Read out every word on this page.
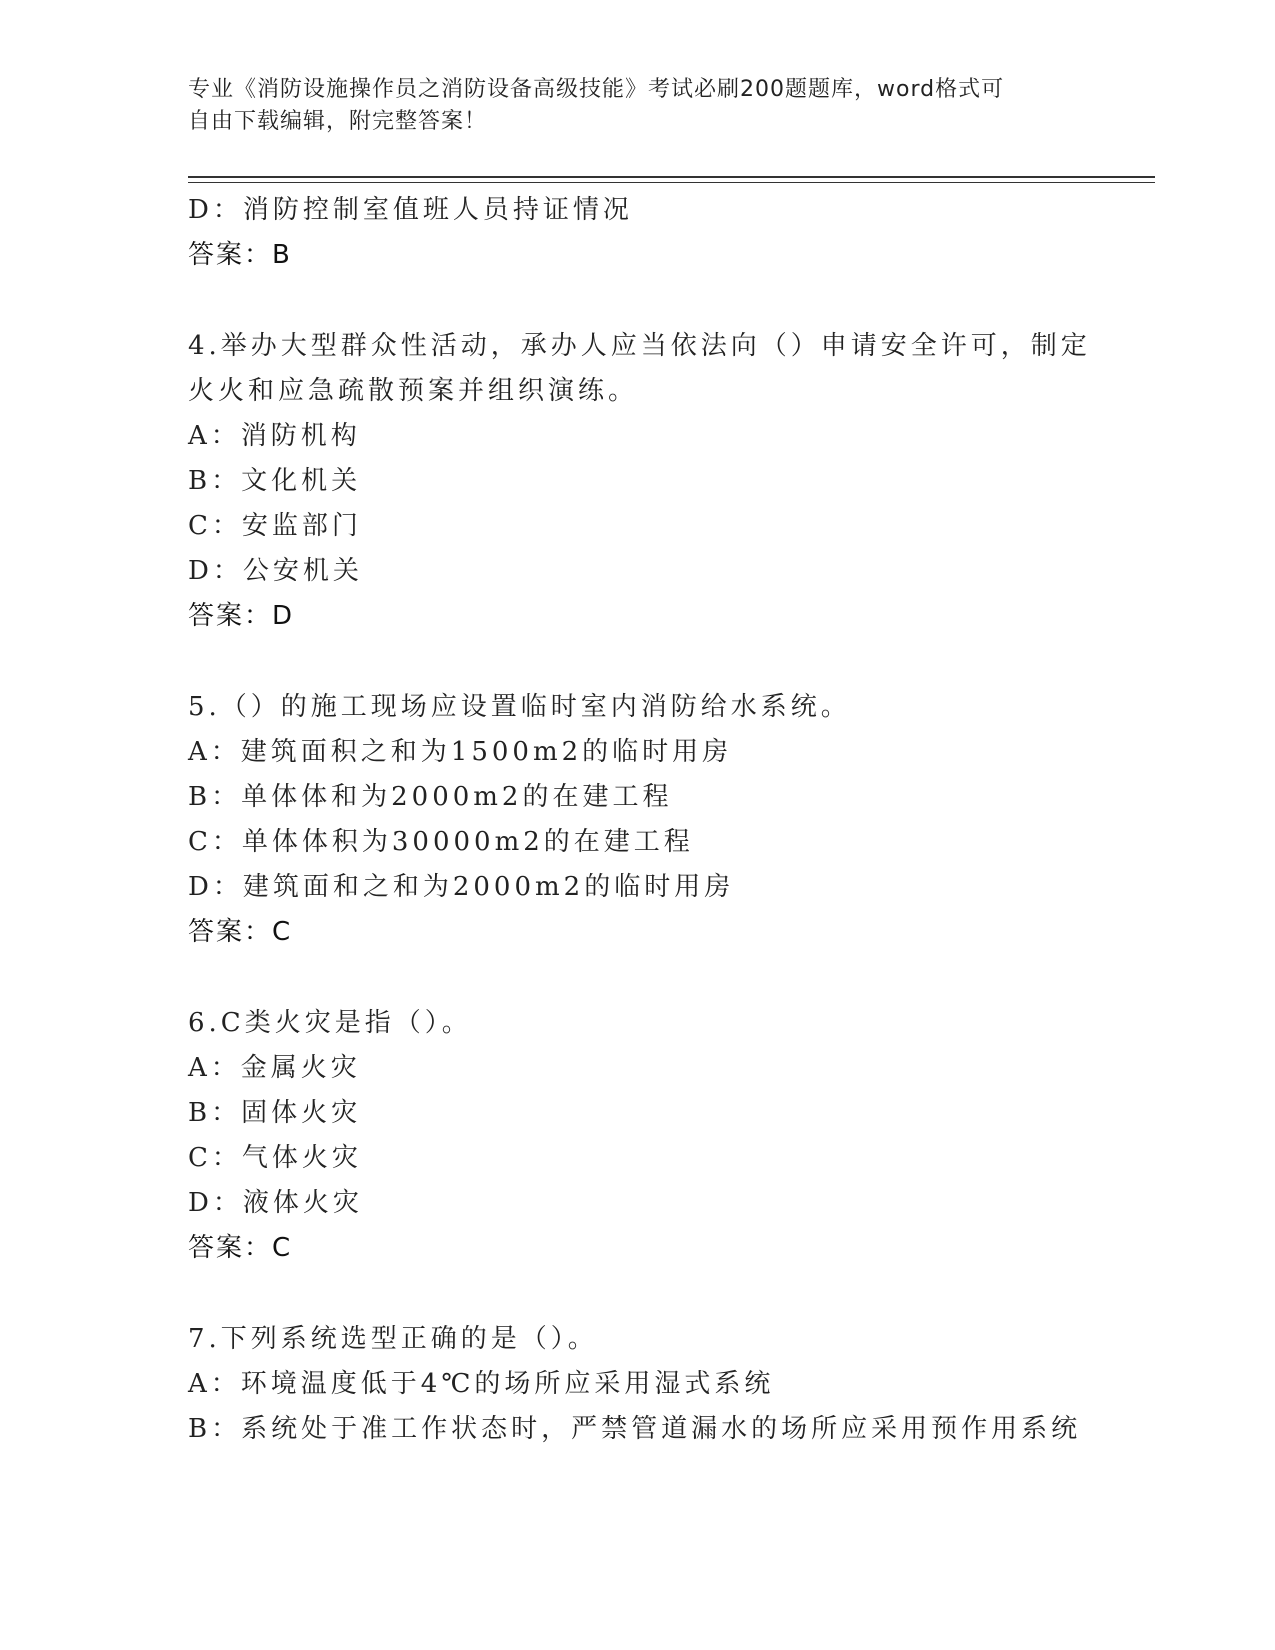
专业《消防设施操作员之消防设备高级技能》考试必刷200题题库，word格式可
自由下载编辑，附完整答案！
D：消防控制室值班人员持证情况
答案：B
4.举办大型群众性活动，承办人应当依法向（）申请安全许可，制定
火火和应急疏散预案并组织演练。
A：消防机构
B：文化机关
C：安监部门
D：公安机关
答案：D
5.（）的施工现场应设置临时室内消防给水系统。
A：建筑面积之和为1500m2的临时用房
B：单体体和为2000m2的在建工程
C：单体体积为30000m2的在建工程
D：建筑面和之和为2000m2的临时用房
答案：C
6.C类火灾是指（）。
A：金属火灾
B：固体火灾
C：气体火灾
D：液体火灾
答案：C
7.下列系统选型正确的是（）。
A：环境温度低于4℃的场所应采用湿式系统
B：系统处于准工作状态时，严禁管道漏水的场所应采用预作用系统
